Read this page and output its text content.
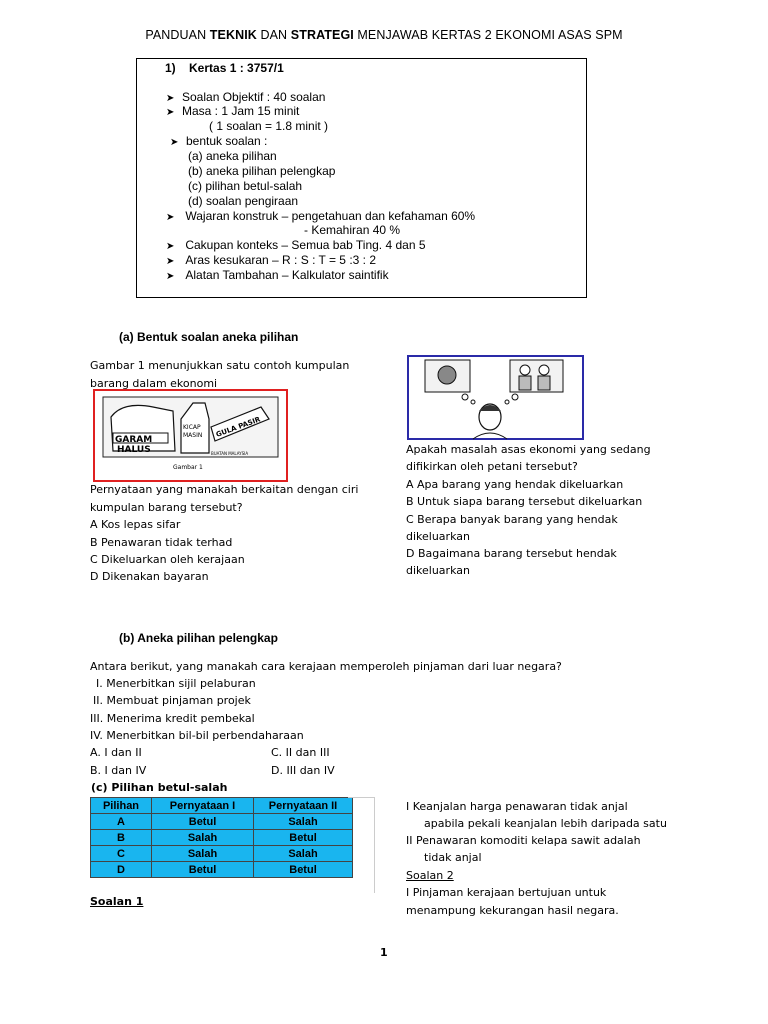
PANDUAN TEKNIK DAN STRATEGI MENJAWAB KERTAS 2 EKONOMI ASAS SPM
1) Kertas 1 : 3757/1
➤ Soalan Objektif : 40 soalan
➤ Masa : 1 Jam 15 minit
( 1 soalan = 1.8 minit )
➤ bentuk soalan :
(a) aneka pilihan
(b) aneka pilihan pelengkap
(c) pilihan betul-salah
(d) soalan pengiraan
➤ Wajaran konstruk – pengetahuan dan kefahaman 60%
- Kemahiran 40 %
➤ Cakupan konteks – Semua bab Ting. 4 dan 5
➤ Aras kesukaran – R : S : T = 5 :3 : 2
➤ Alatan Tambahan – Kalkulator saintifik
(a) Bentuk soalan aneka pilihan
Gambar 1 menunjukkan satu contoh kumpulan
barang dalam ekonomi
GARAM
HALUS
KICAP
MASIN GULA PASIR
BUATAN MALAYSIA
Gambar 1
Pernyataan yang manakah berkaitan dengan ciri
kumpulan barang tersebut?
A Kos lepas sifar
B Penawaran tidak terhad
C Dikeluarkan oleh kerajaan
D Dikenakan bayaran
Apakah masalah asas ekonomi yang sedang
difikirkan oleh petani tersebut?
A Apa barang yang hendak dikeluarkan
B Untuk siapa barang tersebut dikeluarkan
C Berapa banyak barang yang hendak
dikeluarkan
D Bagaimana barang tersebut hendak
dikeluarkan
(b) Aneka pilihan pelengkap
Antara berikut, yang manakah cara kerajaan memperoleh pinjaman dari luar negara?
I. Menerbitkan sijil pelaburan
II. Membuat pinjaman projek
III. Menerima kredit pembekal
IV. Menerbitkan bil-bil perbendaharaan
A. I dan II	C. II dan III
B. I dan IV	D. III dan IV
(c) Pilihan betul-salah
Pilihan	Pernyataan I	Pernyataan II
A	Betul	Salah
B	Salah	Betul
C	Salah	Salah
D	Betul	Betul
Soalan 1
I Keanjalan harga penawaran tidak anjal
apabila pekali keanjalan lebih daripada satu
II Penawaran komoditi kelapa sawit adalah
tidak anjal
Soalan 2
I Pinjaman kerajaan bertujuan untuk
menampung kekurangan hasil negara.
1
